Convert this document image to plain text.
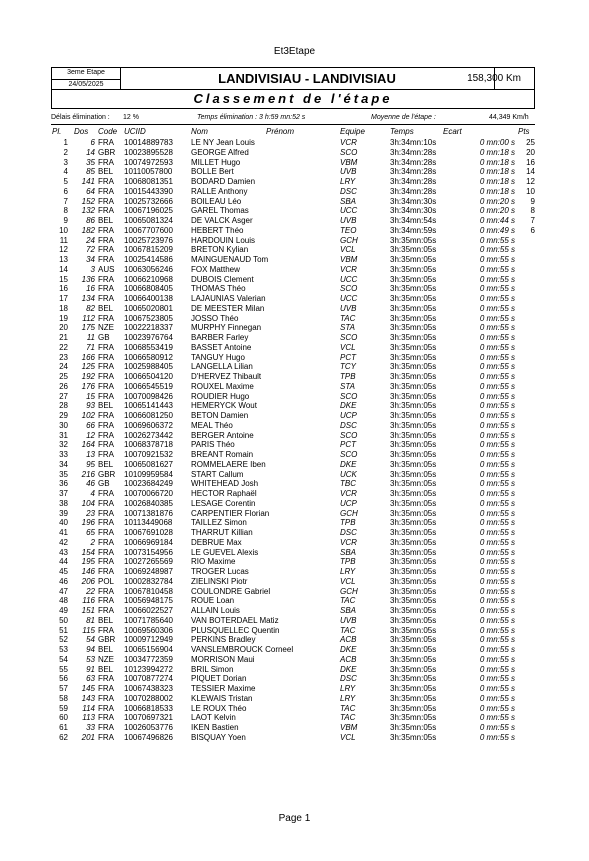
Et3Etape
3eme Etape
24/05/2025	LANDIVISIAU - LANDIVISIAU	158,300 Km
Classement de l'étape
Délais élimination : 12 %	Temps élimination : 3 h:59 mn:52 s	Moyenne de l'étape :	44,349 Km/h
Pl. Dos Code UCIID	Nom	Prénom	Equipe	Temps	Ecart	Pts
1	6 FRA 10014889783 LE NY Jean Louis	VCR	3h:34mn:10s	0 mn:00 s	25
2	14 GBR 10023895528 GEORGE Alfred	SCO	3h:34mn:28s	0 mn:18 s	20
3	35 FRA 10074972593 MILLET Hugo	VBM	3h:34mn:28s	0 mn:18 s	16
4	85 BEL 10110057800 BOLLE Bert	UVB	3h:34mn:28s	0 mn:18 s	14
5	141 FRA 10068081351 BODARD Damien	LRY	3h:34mn:28s	0 mn:18 s	12
6	64 FRA 10015443390 RALLE Anthony	DSC	3h:34mn:28s	0 mn:18 s	10
7	152 FRA 10025732666 BOILEAU Léo	SBA	3h:34mn:30s	0 mn:20 s	9
8	132 FRA 10067196025 GAREL Thomas	UCC	3h:34mn:30s	0 mn:20 s	8
9	86 BEL 10065081324 DE VALCK Asger	UVB	3h:34mn:54s	0 mn:44 s	7
10	182 FRA 10067707600 HEBERT Théo	TEO	3h:34mn:59s	0 mn:49 s	6
11	24 FRA 10025723976 HARDOUIN Louis	GCH	3h:35mn:05s	0 mn:55 s
12	72 FRA 10067815209 BRETON Kylian	VCL	3h:35mn:05s	0 mn:55 s
13	34 FRA 10025414586 MAINGUENAUD Tom	VBM	3h:35mn:05s	0 mn:55 s
14	3 AUS 10063056246 FOX Matthew	VCR	3h:35mn:05s	0 mn:55 s
15	136 FRA 10066210968 DUBOIS Clement	UCC	3h:35mn:05s	0 mn:55 s
16	16 FRA 10066808405 THOMAS Théo	SCO	3h:35mn:05s	0 mn:55 s
17	134 FRA 10066400138 LAJAUNIAS Valerian	UCC	3h:35mn:05s	0 mn:55 s
18	82 BEL 10065020801 DE MEESTER Milan	UVB	3h:35mn:05s	0 mn:55 s
19	112 FRA 10067523805 JOSSO Théo	TAC	3h:35mn:05s	0 mn:55 s
20	175 NZE 10022218337 MURPHY Finnegan	STA	3h:35mn:05s	0 mn:55 s
21	11 GB 10023976764 BARBER Farley	SCO	3h:35mn:05s	0 mn:55 s
22	71 FRA 10068553419 BASSET Antoine	VCL	3h:35mn:05s	0 mn:55 s
23	166 FRA 10066580912 TANGUY Hugo	PCT	3h:35mn:05s	0 mn:55 s
24	125 FRA 10025988405 LANGELLA Lilian	TCY	3h:35mn:05s	0 mn:55 s
25	192 FRA 10066504120 D'HERVEZ Thibault	TPB	3h:35mn:05s	0 mn:55 s
26	176 FRA 10066545519 ROUXEL Maxime	STA	3h:35mn:05s	0 mn:55 s
27	15 FRA 10070098426 ROUDIER Hugo	SCO	3h:35mn:05s	0 mn:55 s
28	93 BEL 10065141443 HEMERYCK Wout	DKE	3h:35mn:05s	0 mn:55 s
29	102 FRA 10066081250 BETON Damien	UCP	3h:35mn:05s	0 mn:55 s
30	66 FRA 10069606372 MEAL Théo	DSC	3h:35mn:05s	0 mn:55 s
31	12 FRA 10026273442 BERGER Antoine	SCO	3h:35mn:05s	0 mn:55 s
32	164 FRA 10068378718 PARIS Théo	PCT	3h:35mn:05s	0 mn:55 s
33	13 FRA 10070921532 BREANT Romain	SCO	3h:35mn:05s	0 mn:55 s
34	95 BEL 10065081627 ROMMELAERE Iben	DKE	3h:35mn:05s	0 mn:55 s
35	216 GBR 10109959584 START Callum	UCK	3h:35mn:05s	0 mn:55 s
36	46 GB 10023684249 WHITEHEAD Josh	TBC	3h:35mn:05s	0 mn:55 s
37	4 FRA 10070066720 HECTOR Raphaël	VCR	3h:35mn:05s	0 mn:55 s
38	104 FRA 10026840385 LESAGE Corentin	UCP	3h:35mn:05s	0 mn:55 s
39	23 FRA 10071381876 CARPENTIER Florian	GCH	3h:35mn:05s	0 mn:55 s
40	196 FRA 10113449068 TAILLEZ Simon	TPB	3h:35mn:05s	0 mn:55 s
41	65 FRA 10067691028 THARRUT Killian	DSC	3h:35mn:05s	0 mn:55 s
42	2 FRA 10066969184 DEBRUE Max	VCR	3h:35mn:05s	0 mn:55 s
43	154 FRA 10073154956 LE GUEVEL Alexis	SBA	3h:35mn:05s	0 mn:55 s
44	195 FRA 10027265569 RIO Maxime	TPB	3h:35mn:05s	0 mn:55 s
45	146 FRA 10069248987 TROGER Lucas	LRY	3h:35mn:05s	0 mn:55 s
46	206 POL 10002832784 ZIELINSKI Piotr	VCL	3h:35mn:05s	0 mn:55 s
47	22 FRA 10067810458 COULONDRE Gabriel	GCH	3h:35mn:05s	0 mn:55 s
48	116 FRA 10056948175 ROUE Loan	TAC	3h:35mn:05s	0 mn:55 s
49	151 FRA 10066022527 ALLAIN Louis	SBA	3h:35mn:05s	0 mn:55 s
50	81 BEL 10071785640 VAN BOTERDAEL Matiz	UVB	3h:35mn:05s	0 mn:55 s
51	115 FRA 10069560306 PLUSQUELLEC Quentin	TAC	3h:35mn:05s	0 mn:55 s
52	54 GBR 10009712949 PERKINS Bradley	ACB	3h:35mn:05s	0 mn:55 s
53	94 BEL 10065156904 VANSLEMBROUCK Corneel	DKE	3h:35mn:05s	0 mn:55 s
54	53 NZE 10034772359 MORRISON Maui	ACB	3h:35mn:05s	0 mn:55 s
55	91 BEL 10123994272 BRIL Simon	DKE	3h:35mn:05s	0 mn:55 s
56	63 FRA 10070877274 PIQUET Dorian	DSC	3h:35mn:05s	0 mn:55 s
57	145 FRA 10067438323 TESSIER Maxime	LRY	3h:35mn:05s	0 mn:55 s
58	143 FRA 10070288002 KLEWAIS Tristan	LRY	3h:35mn:05s	0 mn:55 s
59	114 FRA 10066818533 LE ROUX Théo	TAC	3h:35mn:05s	0 mn:55 s
60	113 FRA 10070697321 LAOT Kelvin	TAC	3h:35mn:05s	0 mn:55 s
61	33 FRA 10026053776 IKEN Bastien	VBM	3h:35mn:05s	0 mn:55 s
62	201 FRA 10067496826 BISQUAY Yoen	VCL	3h:35mn:05s	0 mn:55 s
Page 1
